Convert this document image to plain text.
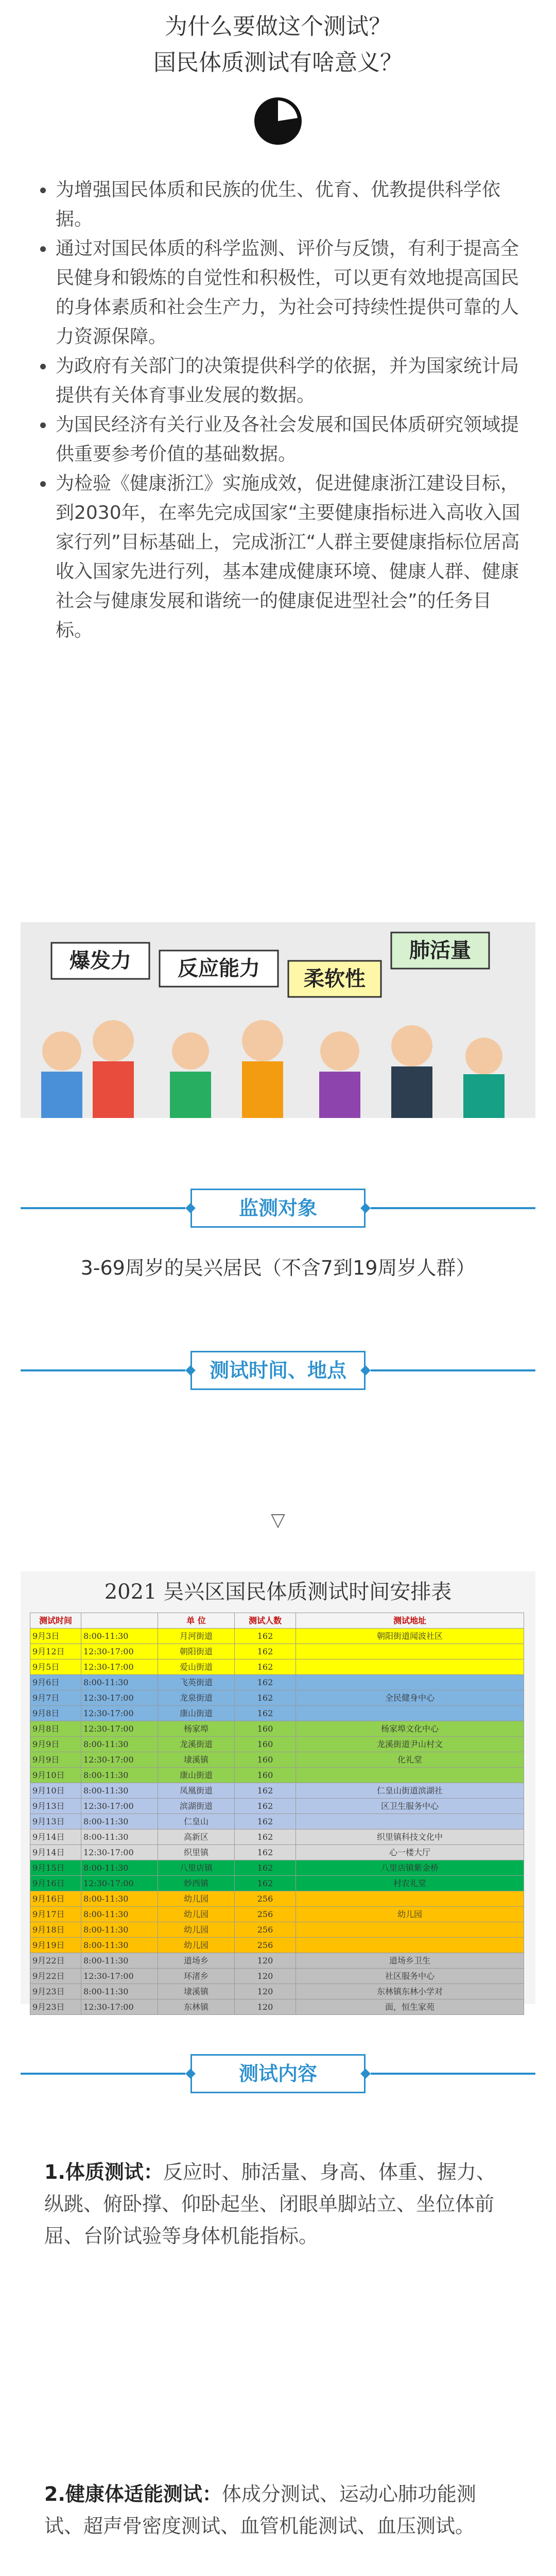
为什么要做这个测试？
国民体质测试有啥意义？
为增强国民体质和民族的优生、优育、优教提供科学依据。
通过对国民体质的科学监测、评价与反馈，有利于提高全民健身和锻炼的自觉性和积极性，可以更有效地提高国民的身体素质和社会生产力，为社会可持续性提供可靠的人力资源保障。
为政府有关部门的决策提供科学的依据，并为国家统计局提供有关体育事业发展的数据。
为国民经济有关行业及各社会发展和国民体质研究领域提供重要参考价值的基础数据。
为检验《健康浙江》实施成效，促进健康浙江建设目标，到2030年，在率先完成国家“主要健康指标进入高收入国家行列”目标基础上，完成浙江“人群主要健康指标位居高收入国家先进行列，基本建成健康环境、健康人群、健康社会与健康发展和谐统一的健康促进型社会”的任务目标。
爆发力	反应能力	柔软性
肺活量
监测对象
3-69周岁的吴兴居民（不含7到19周岁人群）
测试时间、地点
▽
2021 吴兴区国民体质测试时间安排表
测试时间		单 位	测试人数	测试地址
9月3日	8:00-11:30	月河街道	162	朝阳街道闻波社区
9月12日	12:30-17:00	朝阳街道	162	
9月5日	12:30-17:00	爱山街道	162	
9月6日	8:00-11:30	飞英街道	162	
9月7日	12:30-17:00	龙泉街道	162	全民健身中心
9月8日	12:30-17:00	康山街道	162	
9月8日	12:30-17:00	杨家埠	160	杨家埠文化中心
9月9日	8:00-11:30	龙溪街道	160	龙溪街道尹山村文
9月9日	12:30-17:00	埭溪镇	160	化礼堂
9月10日	8:00-11:30	康山街道	160	
9月10日	8:00-11:30	凤凰街道	162	仁皇山街道滨湖社
9月13日	12:30-17:00	滨湖街道	162	区卫生服务中心
9月13日	8:00-11:30	仁皇山	162	
9月14日	8:00-11:30	高新区	162	织里镇科技文化中
9月14日	12:30-17:00	织里镇	162	心一楼大厅
9月15日	8:00-11:30	八里店镇	162	八里店镇紫金桥
9月16日	12:30-17:00	妙西镇	162	村农礼堂
9月16日	8:00-11:30	幼儿园	256	
9月17日	8:00-11:30	幼儿园	256	幼儿园
9月18日	8:00-11:30	幼儿园	256	
9月19日	8:00-11:30	幼儿园	256	
9月22日	8:00-11:30	道场乡	120	道场乡卫生
9月22日	12:30-17:00	环渚乡	120	社区服务中心
9月23日	8:00-11:30	埭溪镇	120	东林镇东林小学对
9月23日	12:30-17:00	东林镇	120	面，恒生家苑
测试内容
1.体质测试：反应时、肺活量、身高、体重、握力、纵跳、俯卧撑、仰卧起坐、闭眼单脚站立、坐位体前屈、台阶试验等身体机能指标。
2.健康体适能测试：体成分测试、运动心肺功能测试、超声骨密度测试、血管机能测试、血压测试。
